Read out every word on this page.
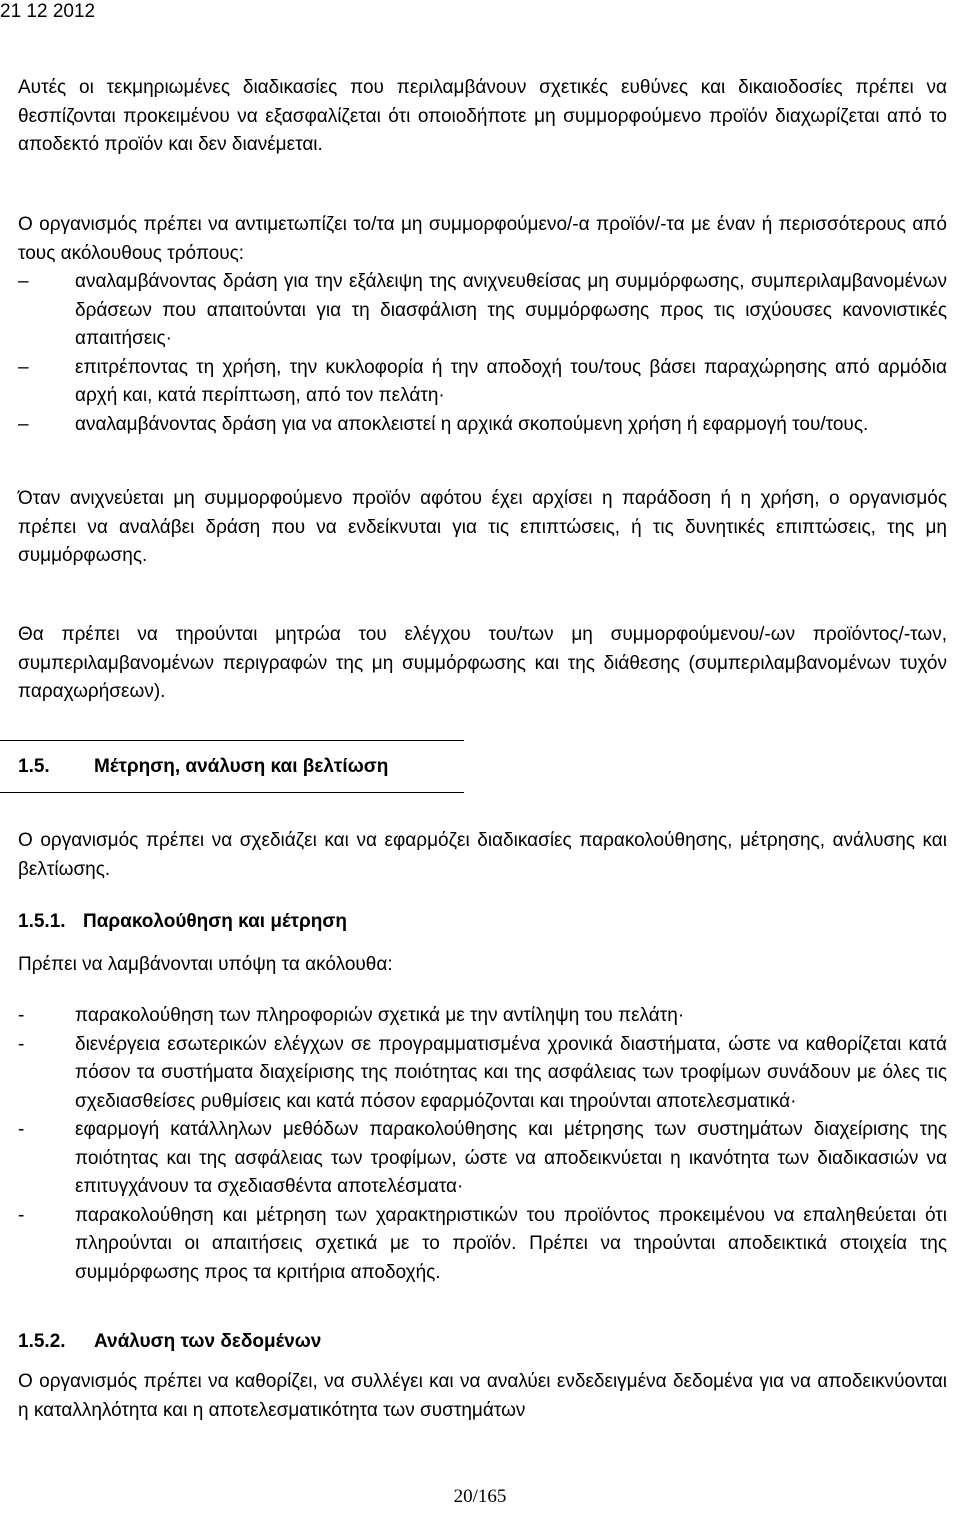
21 12 2012

Αυτές οι τεκμηριωμένες διαδικασίες που περιλαμβάνουν σχετικές ευθύνες και δικαιοδοσίες πρέπει να θεσπίζονται προκειμένου να εξασφαλίζεται ότι οποιοδήποτε μη συμμορφούμενο προϊόν διαχωρίζεται από το αποδεκτό προϊόν και δεν διανέμεται.

Ο οργανισμός πρέπει να αντιμετωπίζει το/τα μη συμμορφούμενο/-α προϊόν/-τα με έναν ή περισσότερους από τους ακόλουθους τρόπους:

–	αναλαμβάνοντας δράση για την εξάλειψη της ανιχνευθείσας μη συμμόρφωσης, συμπεριλαμβανομένων δράσεων που απαιτούνται για τη διασφάλιση της συμμόρφωσης προς τις ισχύουσες κανονιστικές απαιτήσεις·
–	επιτρέποντας τη χρήση, την κυκλοφορία ή την αποδοχή του/τους βάσει παραχώρησης από αρμόδια αρχή και, κατά περίπτωση, από τον πελάτη·
–	αναλαμβάνοντας δράση για να αποκλειστεί η αρχικά σκοπούμενη χρήση ή εφαρμογή του/τους.

Όταν ανιχνεύεται μη συμμορφούμενο προϊόν αφότου έχει αρχίσει η παράδοση ή η χρήση, ο οργανισμός πρέπει να αναλάβει δράση που να ενδείκνυται για τις επιπτώσεις, ή τις δυνητικές επιπτώσεις, της μη συμμόρφωσης.

Θα πρέπει να τηρούνται μητρώα του ελέγχου του/των μη συμμορφούμενου/-ων προϊόντος/-των, συμπεριλαμβανομένων περιγραφών της μη συμμόρφωσης και της διάθεσης (συμπεριλαμβανομένων τυχόν παραχωρήσεων).

1.5. Μέτρηση, ανάλυση και βελτίωση

Ο οργανισμός πρέπει να σχεδιάζει και να εφαρμόζει διαδικασίες παρακολούθησης, μέτρησης, ανάλυσης και βελτίωσης.

1.5.1. Παρακολούθηση και μέτρηση

Πρέπει να λαμβάνονται υπόψη τα ακόλουθα:

-	παρακολούθηση των πληροφοριών σχετικά με την αντίληψη του πελάτη·
-	διενέργεια εσωτερικών ελέγχων σε προγραμματισμένα χρονικά διαστήματα, ώστε να καθορίζεται κατά πόσον τα συστήματα διαχείρισης της ποιότητας και της ασφάλειας των τροφίμων συνάδουν με όλες τις σχεδιασθείσες ρυθμίσεις και κατά πόσον εφαρμόζονται και τηρούνται αποτελεσματικά·
-	εφαρμογή κατάλληλων μεθόδων παρακολούθησης και μέτρησης των συστημάτων διαχείρισης της ποιότητας και της ασφάλειας των τροφίμων, ώστε να αποδεικνύεται η ικανότητα των διαδικασιών να επιτυγχάνουν τα σχεδιασθέντα αποτελέσματα·
-	παρακολούθηση και μέτρηση των χαρακτηριστικών του προϊόντος προκειμένου να επαληθεύεται ότι πληρούνται οι απαιτήσεις σχετικά με το προϊόν. Πρέπει να τηρούνται αποδεικτικά στοιχεία της συμμόρφωσης προς τα κριτήρια αποδοχής.
1.5.2. Ανάλυση των δεδομένων

Ο οργανισμός πρέπει να καθορίζει, να συλλέγει και να αναλύει ενδεδειγμένα δεδομένα για να αποδεικνύονται η καταλληλότητα και η αποτελεσματικότητα των συστημάτων

20/165
